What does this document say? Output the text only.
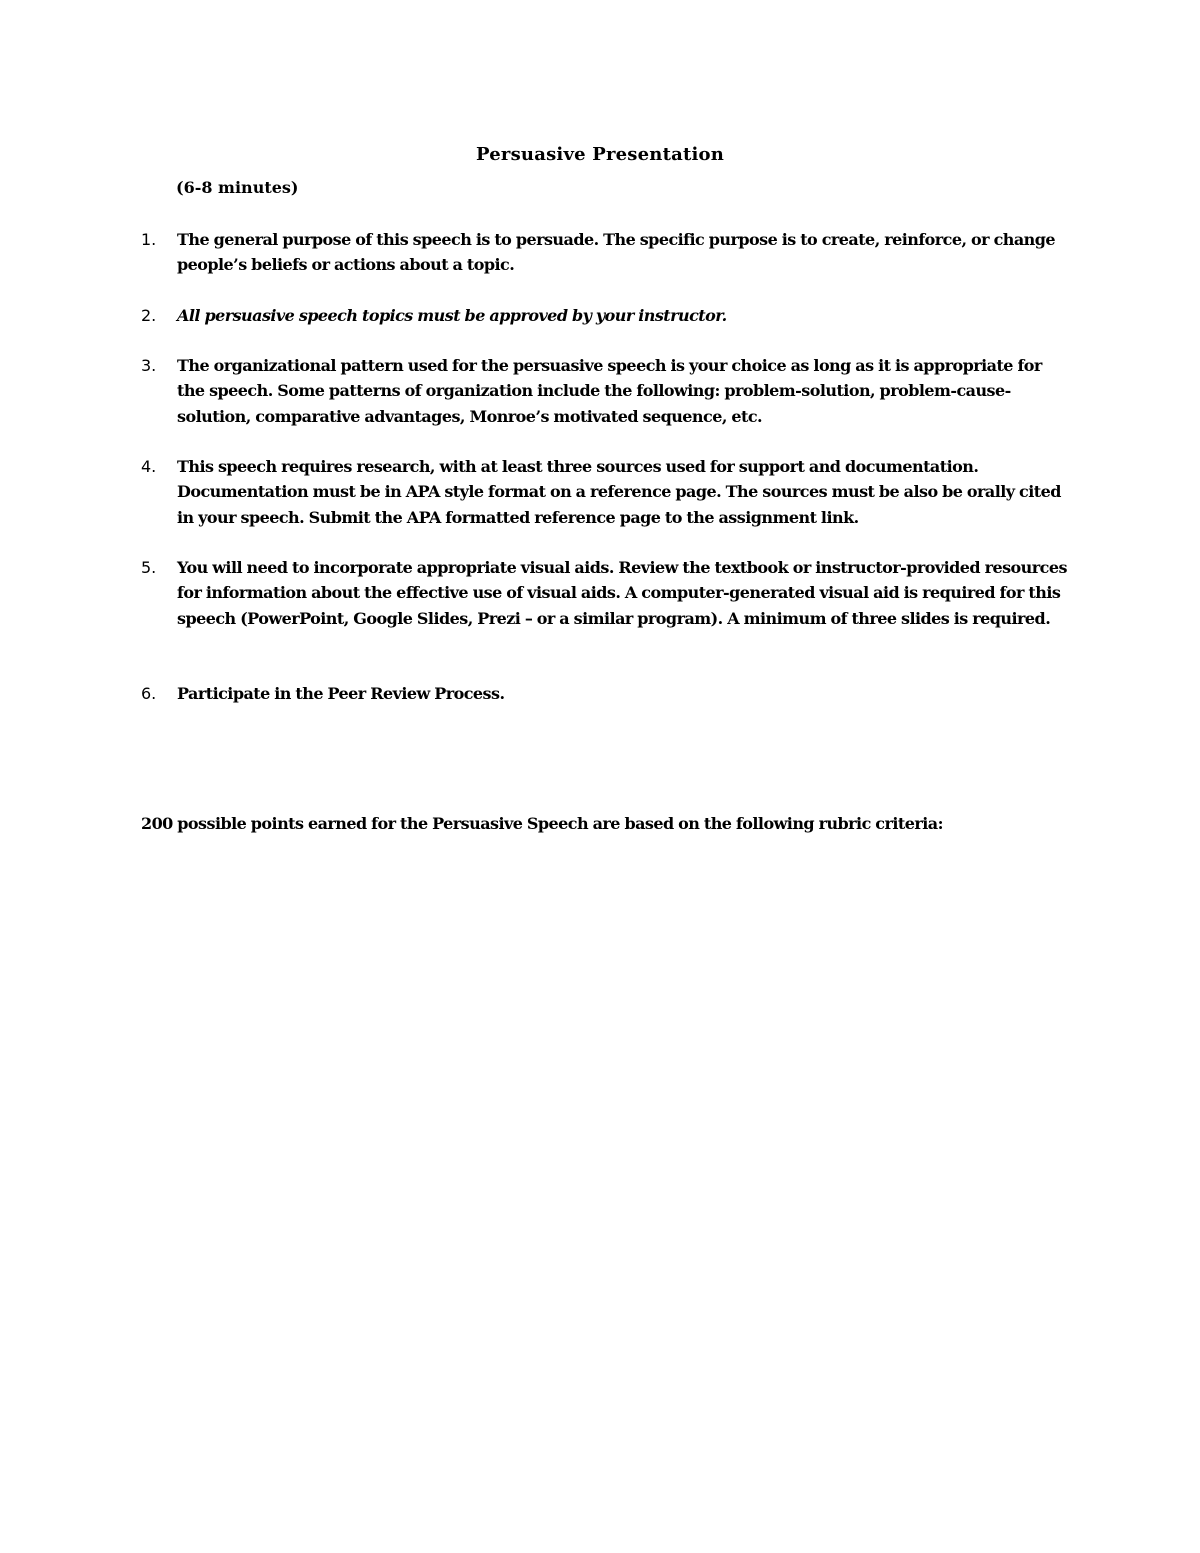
Persuasive Presentation
(6-8 minutes)
1. The general purpose of this speech is to persuade. The specific purpose is to create, reinforce, or change people’s beliefs or actions about a topic.
2. All persuasive speech topics must be approved by your instructor.
3. The organizational pattern used for the persuasive speech is your choice as long as it is appropriate for the speech. Some patterns of organization include the following: problem-solution, problem-cause-solution, comparative advantages, Monroe’s motivated sequence, etc.
4. This speech requires research, with at least three sources used for support and documentation. Documentation must be in APA style format on a reference page. The sources must be also be orally cited in your speech. Submit the APA formatted reference page to the assignment link.
5. You will need to incorporate appropriate visual aids. Review the textbook or instructor-provided resources for information about the effective use of visual aids. A computer-generated visual aid is required for this speech (PowerPoint, Google Slides, Prezi – or a similar program). A minimum of three slides is required.
6. Participate in the Peer Review Process.
200 possible points earned for the Persuasive Speech are based on the following rubric criteria:
